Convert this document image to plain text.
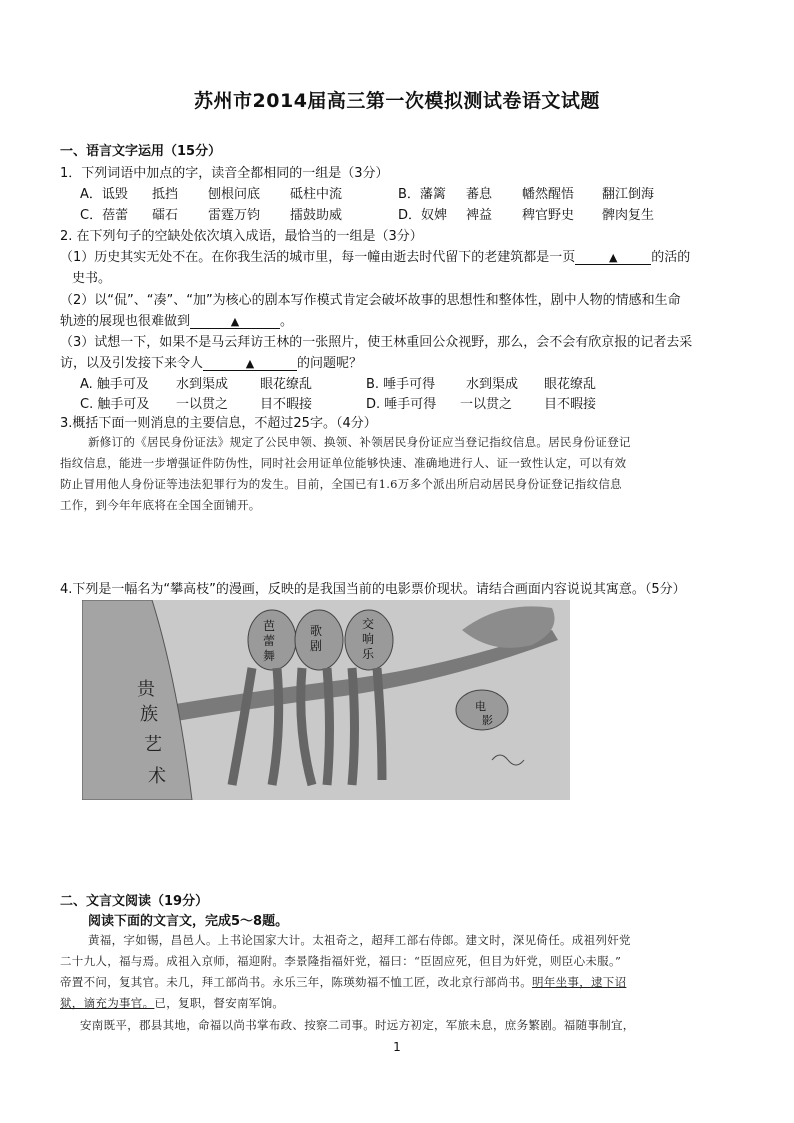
苏州市2014届高三第一次模拟测试卷语文试题
一、语言文字运用（15分）
1．下列词语中加点的字，读音全都相同的一组是（3分）
A．诋毁 抵挡 刨根问底 砥柱中流	B．藩篱 蕃息 幡然醒悟 翻江倒海
C．蓓蕾 礌石 雷霆万钧 擂鼓助威	D．奴婢 裨益 稗官野史 髀肉复生
2. 在下列句子的空缺处依次填入成语，最恰当的一组是（3分）
（1）历史其实无处不在。在你我生活的城市里，每一幢由逝去时代留下的老建筑都是一页	▲	的活的
史书。
（2）以“侃”、“凑”、“加”为核心的剧本写作模式肯定会破坏故事的思想性和整体性，剧中人物的情感和生命
轨迹的展现也很难做到	▲	。
（3）试想一下，如果不是马云拜访王林的一张照片，使王林重回公众视野，那么，会不会有欣京报的记者去采
访，以及引发接下来令人	▲	的问题呢？
A. 触手可及 水到渠成 眼花缭乱	B. 唾手可得 水到渠成 眼花缭乱
C. 触手可及 一以贯之 目不暇接	D. 唾手可得 一以贯之 目不暇接
3.概括下面一则消息的主要信息，不超过25字。（4分）
新修订的《居民身份证法》规定了公民申领、换领、补领居民身份证应当登记指纹信息。居民身份证登记
指纹信息，能进一步增强证件防伪性，同时社会用证单位能够快速、准确地进行人、证一致性认定，可以有效
防止冒用他人身份证等违法犯罪行为的发生。目前，全国已有1.6万多个派出所启动居民身份证登记指纹信息
工作，到今年年底将在全国全面铺开。
4.下列是一幅名为“攀高枝”的漫画，反映的是我国当前的电影票价现状。请结合画面内容说说其寓意。（5分）
贵
族
艺
术
芭
蕾
舞
歌
剧
交
响
乐
电
影
二、文言文阅读（19分）
阅读下面的文言文，完成5～8题。
黄福，字如锡，昌邑人。上书论国家大计。太祖奇之，超拜工部右侍郎。建文时，深见倚任。成祖列奸党
二十九人，福与焉。成祖入京师，福迎附。李景隆指福奸党，福曰：“臣固应死，但目为奸党，则臣心未服。”
帝置不问，复其官。未几，拜工部尚书。永乐三年，陈瑛劾福不恤工匠，改北京行部尚书。明年坐事，逮下诏
狱，谪充为事官。已，复职，督安南军饷。
安南既平，郡县其地，命福以尚书掌布政、按察二司事。时远方初定，军旅未息，庶务繁剧。福随事制宜，
1
